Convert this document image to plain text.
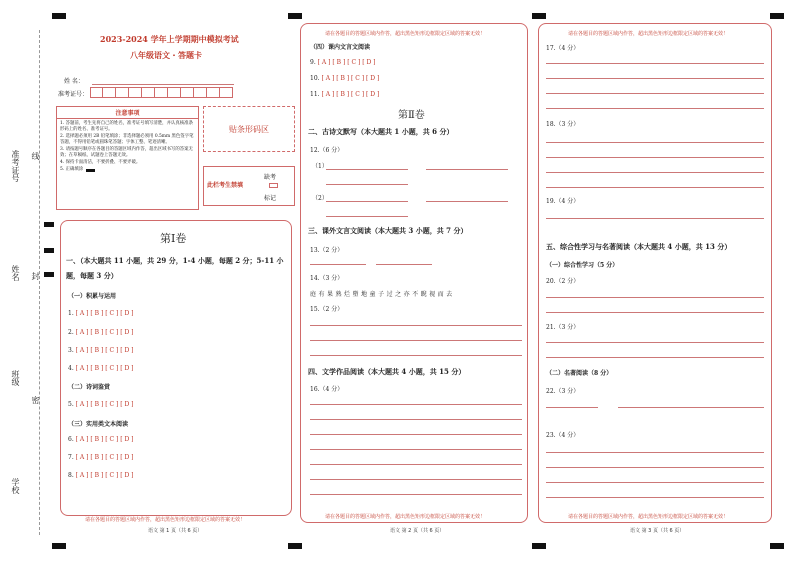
准考证号 线
姓名 封
班级
密
学校
2023-2024 学年上学期期中模拟考试
八年级语文・答题卡
姓 名：
准考证号：
注意事项
1. 答题前，考生先将自己的姓名，准考证号填写清楚，并认真核准条形码上的姓名、准考证号。
2. 选择题必须用 2B 铅笔填涂；非选择题必须用 0.5mm 黑色签字笔答题，不得用铅笔或圆珠笔答题；字体工整、笔迹清晰。
3. 请按题号顺序在各题目的答题区域内作答，超出区域书写的答案无效；在草稿纸、试题卷上答题无效。
4. 保持卡面清洁，不要折叠、不要弄破。
5. 正确填涂
贴条形码区
此栏考生禁填
缺考
标记
第Ⅰ卷
一、（本大题共 11 小题，共 29 分，1-4 小题，每题 2 分；5-11 小题，每题 3 分）
（一）积累与运用
1. [ A ] [ B ] [ C ] [ D ]
2. [ A ] [ B ] [ C ] [ D ]
3. [ A ] [ B ] [ C ] [ D ]
4. [ A ] [ B ] [ C ] [ D ]
（二）诗词鉴赏
5. [ A ] [ B ] [ C ] [ D ]
（三）实用类文本阅读
6. [ A ] [ B ] [ C ] [ D ]
7. [ A ] [ B ] [ C ] [ D ]
8. [ A ] [ B ] [ C ] [ D ]
请在各题目的答题区域内作答，超出黑色矩形边框限定区域的答案无效！
语文 第 1 页（共 6 页）
请在各题目的答题区域内作答，超出黑色矩形边框限定区域的答案无效！
（四）课内文言文阅读
9. [ A ] [ B ] [ C ] [ D ]
10. [ A ] [ B ] [ C ] [ D ]
11. [ A ] [ B ] [ C ] [ D ]
第Ⅱ卷
二、古诗文默写（本大题共 1 小题，共 6 分）
12.（6 分）
（1）
（2）
三、课外文言文阅读（本大题共 3 小题，共 7 分）
13.（2 分）
14.（3 分）
庭 有 果 熟 烂 墮 地 童 子 过 之 亦 不 睨 视 而 去
15.（2 分）
四、文学作品阅读（本大题共 4 小题，共 15 分）
16.（4 分）
请在各题目的答题区域内作答，超出黑色矩形边框限定区域的答案无效！
语文 第 2 页（共 6 页）
请在各题目的答题区域内作答，超出黑色矩形边框限定区域的答案无效！
17.（4 分）
18.（3 分）
19.（4 分）
五、综合性学习与名著阅读（本大题共 4 小题，共 13 分）
（一）综合性学习（5 分）
20.（2 分）
21.（3 分）
（二）名著阅读（8 分）
22.（3 分）
23.（4 分）
请在各题目的答题区域内作答，超出黑色矩形边框限定区域的答案无效！
语文 第 3 页（共 6 页）
